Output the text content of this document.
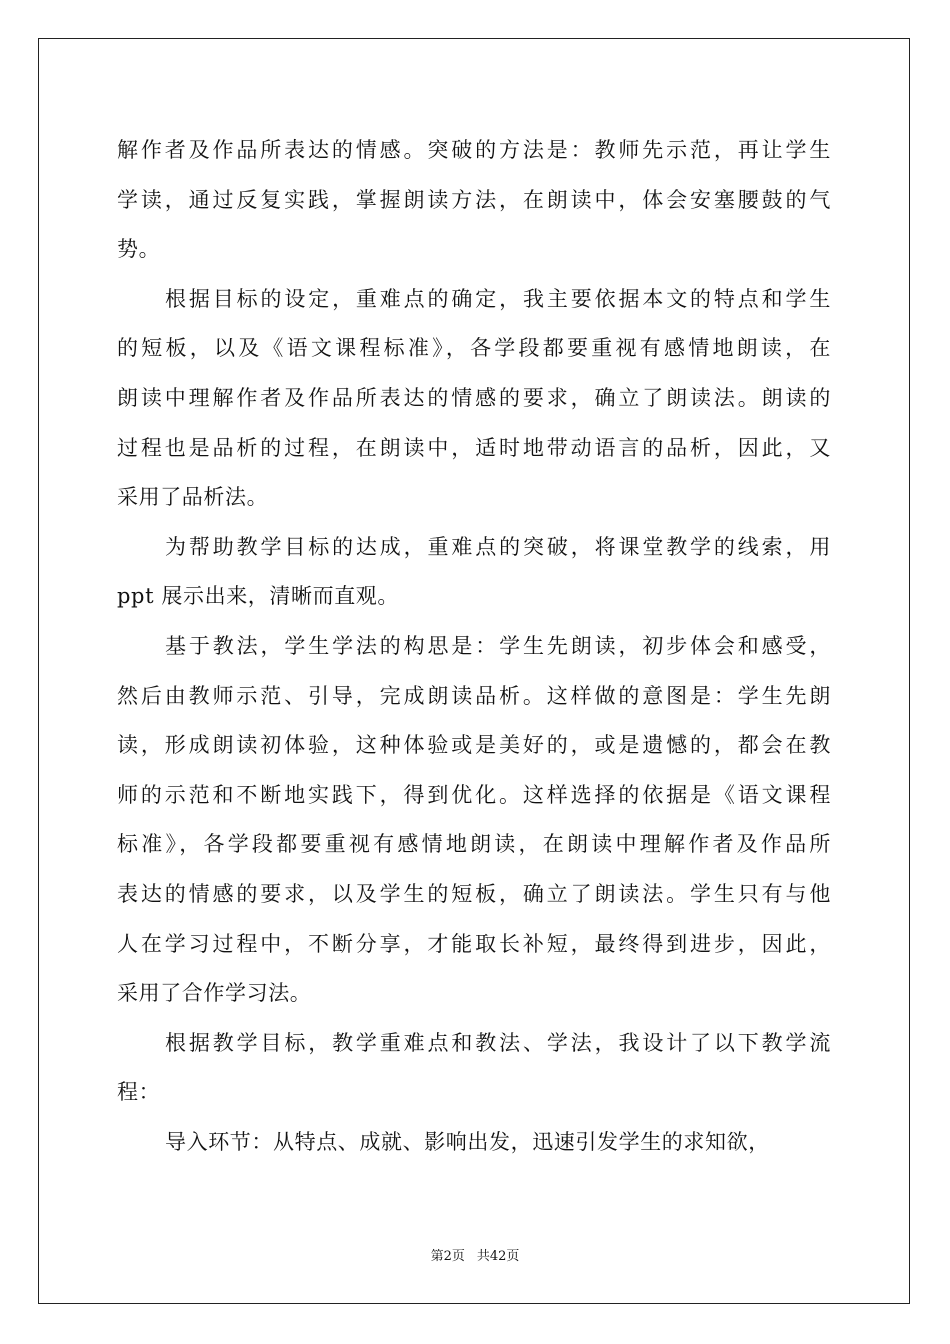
解作者及作品所表达的情感。突破的方法是：教师先示范，再让学生
学读，通过反复实践，掌握朗读方法，在朗读中，体会安塞腰鼓的气
势。
根据目标的设定，重难点的确定，我主要依据本文的特点和学生
的短板，以及《语文课程标准》，各学段都要重视有感情地朗读，在
朗读中理解作者及作品所表达的情感的要求，确立了朗读法。朗读的
过程也是品析的过程，在朗读中，适时地带动语言的品析，因此，又
采用了品析法。
为帮助教学目标的达成，重难点的突破，将课堂教学的线索，用
ppt 展示出来，清晰而直观。
基于教法，学生学法的构思是：学生先朗读，初步体会和感受，
然后由教师示范、引导，完成朗读品析。这样做的意图是：学生先朗
读，形成朗读初体验，这种体验或是美好的，或是遗憾的，都会在教
师的示范和不断地实践下，得到优化。这样选择的依据是《语文课程
标准》，各学段都要重视有感情地朗读，在朗读中理解作者及作品所
表达的情感的要求，以及学生的短板，确立了朗读法。学生只有与他
人在学习过程中，不断分享，才能取长补短，最终得到进步，因此，
采用了合作学习法。
根据教学目标，教学重难点和教法、学法，我设计了以下教学流
程：
导入环节：从特点、成就、影响出发，迅速引发学生的求知欲，
第2页 共42页
